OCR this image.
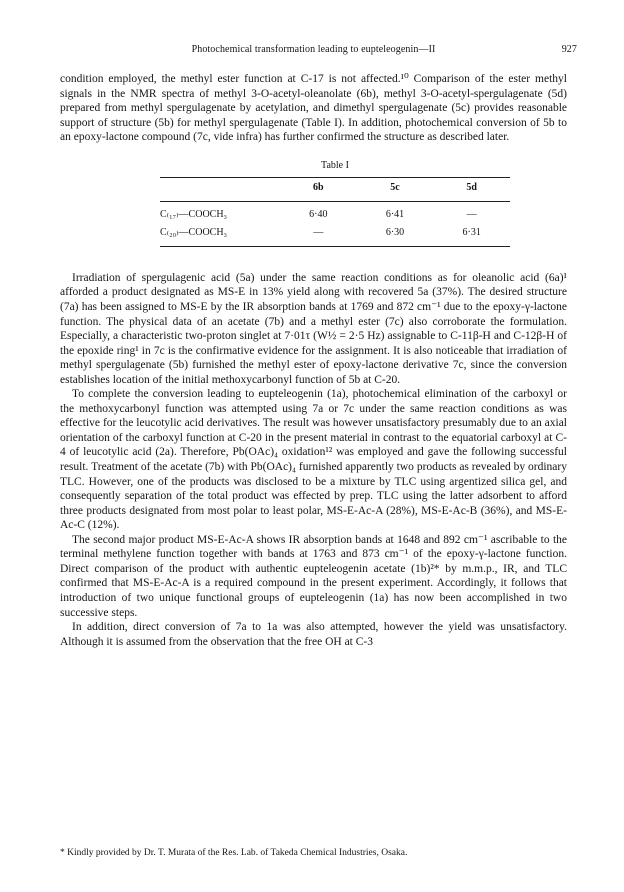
Photochemical transformation leading to eupteleogenin—II	927

condition employed, the methyl ester function at C-17 is not affected.¹⁰ Comparison of the ester methyl signals in the NMR spectra of methyl 3-O-acetyl-oleanolate (6b), methyl 3-O-acetyl-spergulagenate (5d) prepared from methyl spergulagenate by acetylation, and dimethyl spergulagenate (5c) provides reasonable support of structure (5b) for methyl spergulagenate (Table I). In addition, photochemical conversion of 5b to an epoxy-lactone compound (7c, vide infra) has further confirmed the structure as described later.

Table I
	6b	5c	5d
C₍₁₇₎—COOCH₃	6·40	6·41	—
C₍₂₀₎—COOCH₃	—	6·30	6·31

Irradiation of spergulagenic acid (5a) under the same reaction conditions as for oleanolic acid (6a)¹ afforded a product designated as MS-E in 13% yield along with recovered 5a (37%). The desired structure (7a) has been assigned to MS-E by the IR absorption bands at 1769 and 872 cm⁻¹ due to the epoxy-γ-lactone function. The physical data of an acetate (7b) and a methyl ester (7c) also corroborate the formulation. Especially, a characteristic two-proton singlet at 7·01τ (W½ = 2·5 Hz) assignable to C-11β-H and C-12β-H of the epoxide ring¹ in 7c is the confirmative evidence for the assignment. It is also noticeable that irradiation of methyl spergulagenate (5b) furnished the methyl ester of epoxy-lactone derivative 7c, since the conversion establishes location of the initial methoxycarbonyl function of 5b at C-20.

To complete the conversion leading to eupteleogenin (1a), photochemical elimination of the carboxyl or the methoxycarbonyl function was attempted using 7a or 7c under the same reaction conditions as was effective for the leucotylic acid derivatives. The result was however unsatisfactory presumably due to an axial orientation of the carboxyl function at C-20 in the present material in contrast to the equatorial carboxyl at C-4 of leucotylic acid (2a). Therefore, Pb(OAc)₄ oxidation¹² was employed and gave the following successful result. Treatment of the acetate (7b) with Pb(OAc)₄ furnished apparently two products as revealed by ordinary TLC. However, one of the products was disclosed to be a mixture by TLC using argentized silica gel, and consequently separation of the total product was effected by prep. TLC using the latter adsorbent to afford three products designated from most polar to least polar, MS-E-Ac-A (28%), MS-E-Ac-B (36%), and MS-E-Ac-C (12%).

The second major product MS-E-Ac-A shows IR absorption bands at 1648 and 892 cm⁻¹ ascribable to the terminal methylene function together with bands at 1763 and 873 cm⁻¹ of the epoxy-γ-lactone function. Direct comparison of the product with authentic eupteleogenin acetate (1b)²* by m.m.p., IR, and TLC confirmed that MS-E-Ac-A is a required compound in the present experiment. Accordingly, it follows that introduction of two unique functional groups of eupteleogenin (1a) has now been accomplished in two successive steps.

In addition, direct conversion of 7a to 1a was also attempted, however the yield was unsatisfactory. Although it is assumed from the observation that the free OH at C-3

* Kindly provided by Dr. T. Murata of the Res. Lab. of Takeda Chemical Industries, Osaka.
